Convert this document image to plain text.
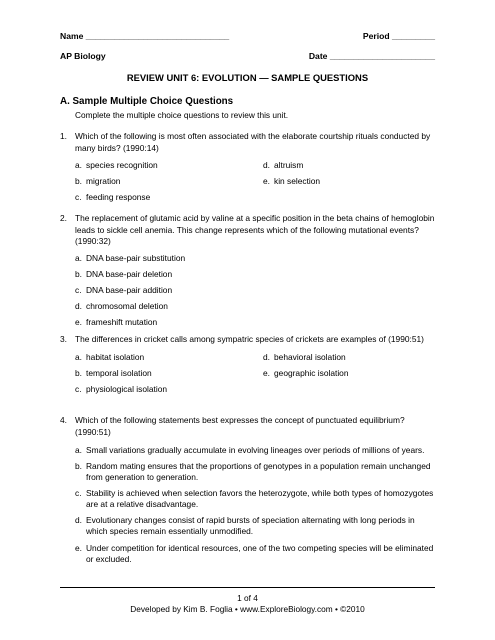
Name ______________________________	Period _________
AP Biology	Date ______________________
REVIEW UNIT 6: EVOLUTION — SAMPLE QUESTIONS
A. Sample Multiple Choice Questions
Complete the multiple choice questions to review this unit.
1. Which of the following is most often associated with the elaborate courtship rituals conducted by many birds? (1990:14)
a. species recognition
b. migration
c. feeding response
d. altruism
e. kin selection
2. The replacement of glutamic acid by valine at a specific position in the beta chains of hemoglobin leads to sickle cell anemia. This change represents which of the following mutational events? (1990:32)
a. DNA base-pair substitution
b. DNA base-pair deletion
c. DNA base-pair addition
d. chromosomal deletion
e. frameshift mutation
3. The differences in cricket calls among sympatric species of crickets are examples of (1990:51)
a. habitat isolation
b. temporal isolation
c. physiological isolation
d. behavioral isolation
e. geographic isolation
4. Which of the following statements best expresses the concept of punctuated equilibrium? (1990:51)
a. Small variations gradually accumulate in evolving lineages over periods of millions of years.
b. Random mating ensures that the proportions of genotypes in a population remain unchanged from generation to generation.
c. Stability is achieved when selection favors the heterozygote, while both types of homozygotes are at a relative disadvantage.
d. Evolutionary changes consist of rapid bursts of speciation alternating with long periods in which species remain essentially unmodified.
e. Under competition for identical resources, one of the two competing species will be eliminated or excluded.
1 of 4
Developed by Kim B. Foglia • www.ExploreBiology.com • ©2010
